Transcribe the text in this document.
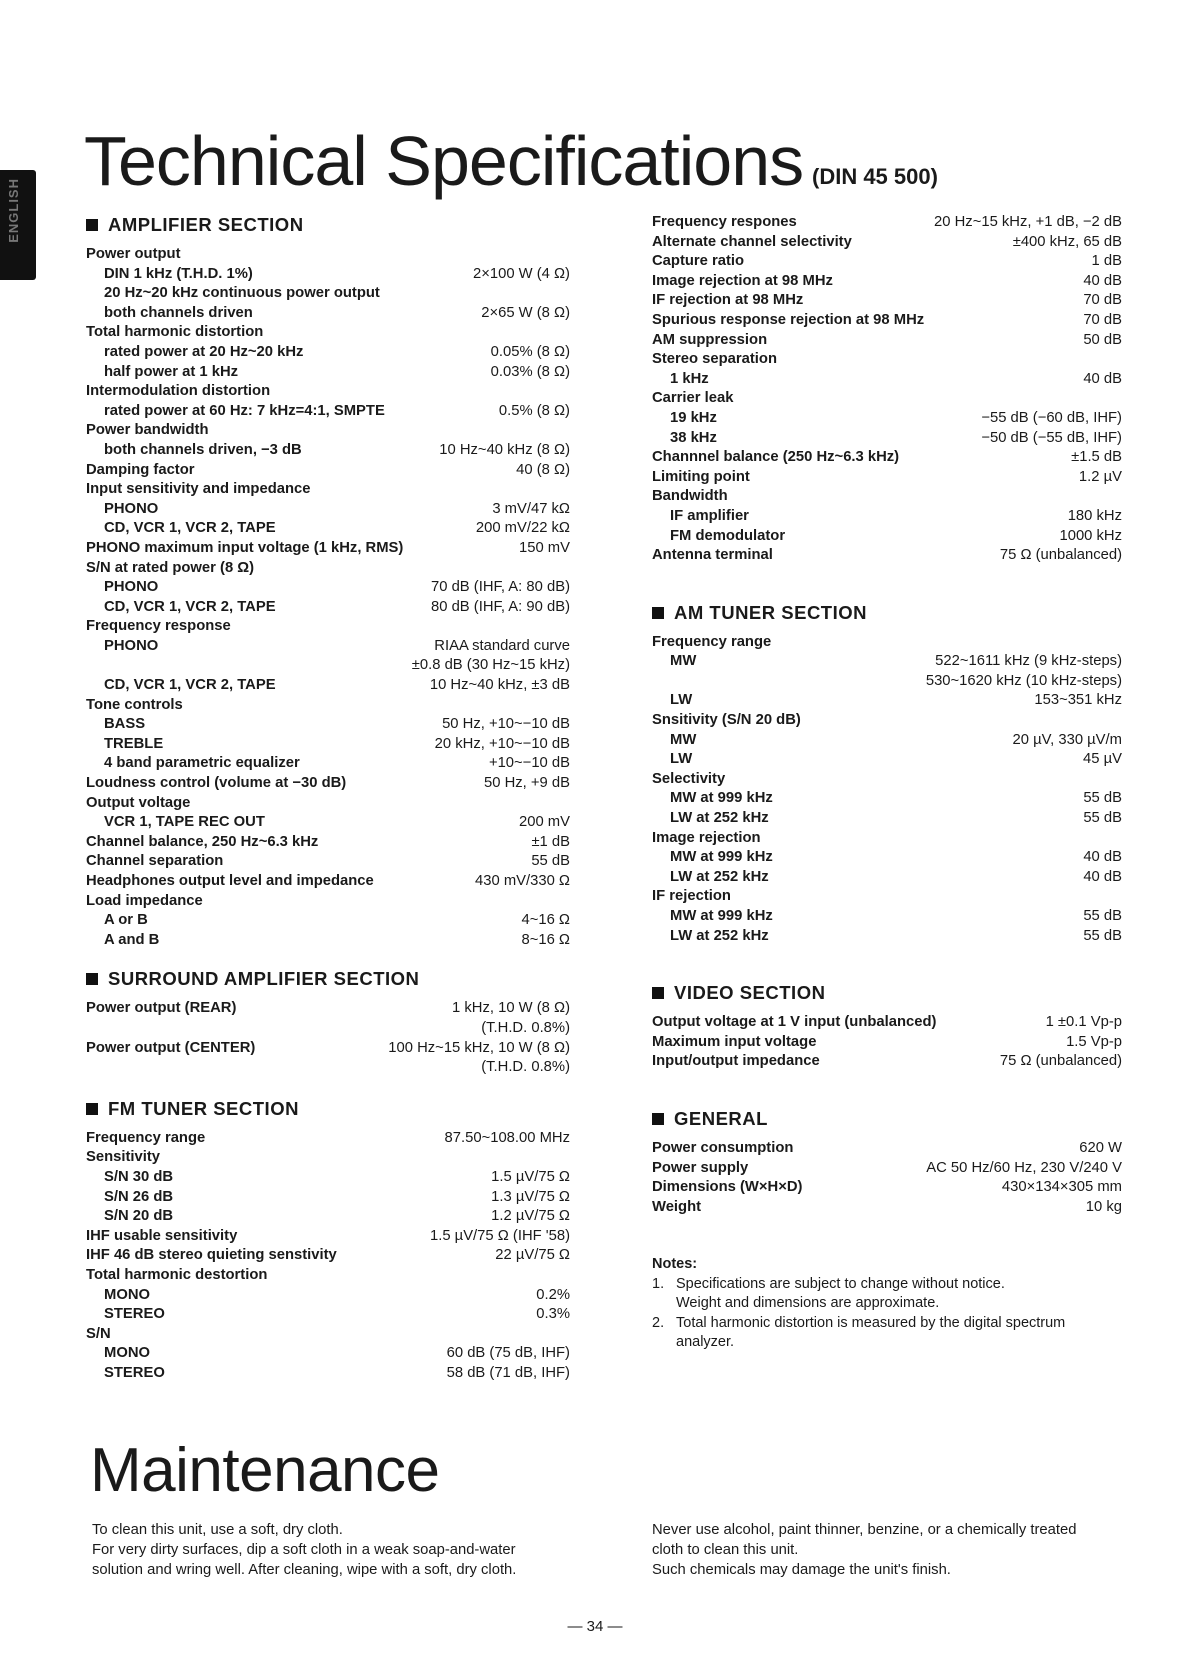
ENGLISH
Technical Specifications (DIN 45 500)
AMPLIFIER SECTION
Power output
DIN 1 kHz (T.H.D. 1%)	2×100 W (4 Ω)
20 Hz~20 kHz continuous power output
both channels driven	2×65 W (8 Ω)
Total harmonic distortion
rated power at 20 Hz~20 kHz	0.05% (8 Ω)
half power at 1 kHz	0.03% (8 Ω)
Intermodulation distortion
rated power at 60 Hz: 7 kHz=4:1, SMPTE	0.5% (8 Ω)
Power bandwidth
both channels driven, −3 dB	10 Hz~40 kHz (8 Ω)
Damping factor	40 (8 Ω)
Input sensitivity and impedance
PHONO	3 mV/47 kΩ
CD, VCR 1, VCR 2, TAPE	200 mV/22 kΩ
PHONO maximum input voltage (1 kHz, RMS)	150 mV
S/N at rated power (8 Ω)
PHONO	70 dB (IHF, A: 80 dB)
CD, VCR 1, VCR 2, TAPE	80 dB (IHF, A: 90 dB)
Frequency response
PHONO	RIAA standard curve
±0.8 dB (30 Hz~15 kHz)
CD, VCR 1, VCR 2, TAPE	10 Hz~40 kHz, ±3 dB
Tone controls
BASS	50 Hz, +10~−10 dB
TREBLE	20 kHz, +10~−10 dB
4 band parametric equalizer	+10~−10 dB
Loudness control (volume at −30 dB)	50 Hz, +9 dB
Output voltage
VCR 1, TAPE REC OUT	200 mV
Channel balance, 250 Hz~6.3 kHz	±1 dB
Channel separation	55 dB
Headphones output level and impedance	430 mV/330 Ω
Load impedance
A or B	4~16 Ω
A and B	8~16 Ω
SURROUND AMPLIFIER SECTION
Power output (REAR)	1 kHz, 10 W (8 Ω)
(T.H.D. 0.8%)
Power output (CENTER)	100 Hz~15 kHz, 10 W (8 Ω)
(T.H.D. 0.8%)
FM TUNER SECTION
Frequency range	87.50~108.00 MHz
Sensitivity
S/N 30 dB	1.5 µV/75 Ω
S/N 26 dB	1.3 µV/75 Ω
S/N 20 dB	1.2 µV/75 Ω
IHF usable sensitivity	1.5 µV/75 Ω (IHF '58)
IHF 46 dB stereo quieting senstivity	22 µV/75 Ω
Total harmonic destortion
MONO	0.2%
STEREO	0.3%
S/N
MONO	60 dB (75 dB, IHF)
STEREO	58 dB (71 dB, IHF)
Frequency respones	20 Hz~15 kHz, +1 dB, −2 dB
Alternate channel selectivity	±400 kHz, 65 dB
Capture ratio	1 dB
Image rejection at 98 MHz	40 dB
IF rejection at 98 MHz	70 dB
Spurious response rejection at 98 MHz	70 dB
AM suppression	50 dB
Stereo separation
1 kHz	40 dB
Carrier leak
19 kHz	−55 dB (−60 dB, IHF)
38 kHz	−50 dB (−55 dB, IHF)
Channnel balance (250 Hz~6.3 kHz)	±1.5 dB
Limiting point	1.2 µV
Bandwidth
IF amplifier	180 kHz
FM demodulator	1000 kHz
Antenna terminal	75 Ω (unbalanced)
AM TUNER SECTION
Frequency range
MW	522~1611 kHz (9 kHz-steps)
530~1620 kHz (10 kHz-steps)
LW	153~351 kHz
Snsitivity (S/N 20 dB)
MW	20 µV, 330 µV/m
LW	45 µV
Selectivity
MW at 999 kHz	55 dB
LW at 252 kHz	55 dB
Image rejection
MW at 999 kHz	40 dB
LW at 252 kHz	40 dB
IF rejection
MW at 999 kHz	55 dB
LW at 252 kHz	55 dB
VIDEO SECTION
Output voltage at 1 V input (unbalanced)	1 ±0.1 Vp-p
Maximum input voltage	1.5 Vp-p
Input/output impedance	75 Ω (unbalanced)
GENERAL
Power consumption	620 W
Power supply	AC 50 Hz/60 Hz, 230 V/240 V
Dimensions (W×H×D)	430×134×305 mm
Weight	10 kg
Notes:
1. Specifications are subject to change without notice.
Weight and dimensions are approximate.
2. Total harmonic distortion is measured by the digital spectrum
analyzer.
Maintenance
To clean this unit, use a soft, dry cloth.
For very dirty surfaces, dip a soft cloth in a weak soap-and-water
solution and wring well. After cleaning, wipe with a soft, dry cloth.
Never use alcohol, paint thinner, benzine, or a chemically treated
cloth to clean this unit.
Such chemicals may damage the unit's finish.
— 34 —
